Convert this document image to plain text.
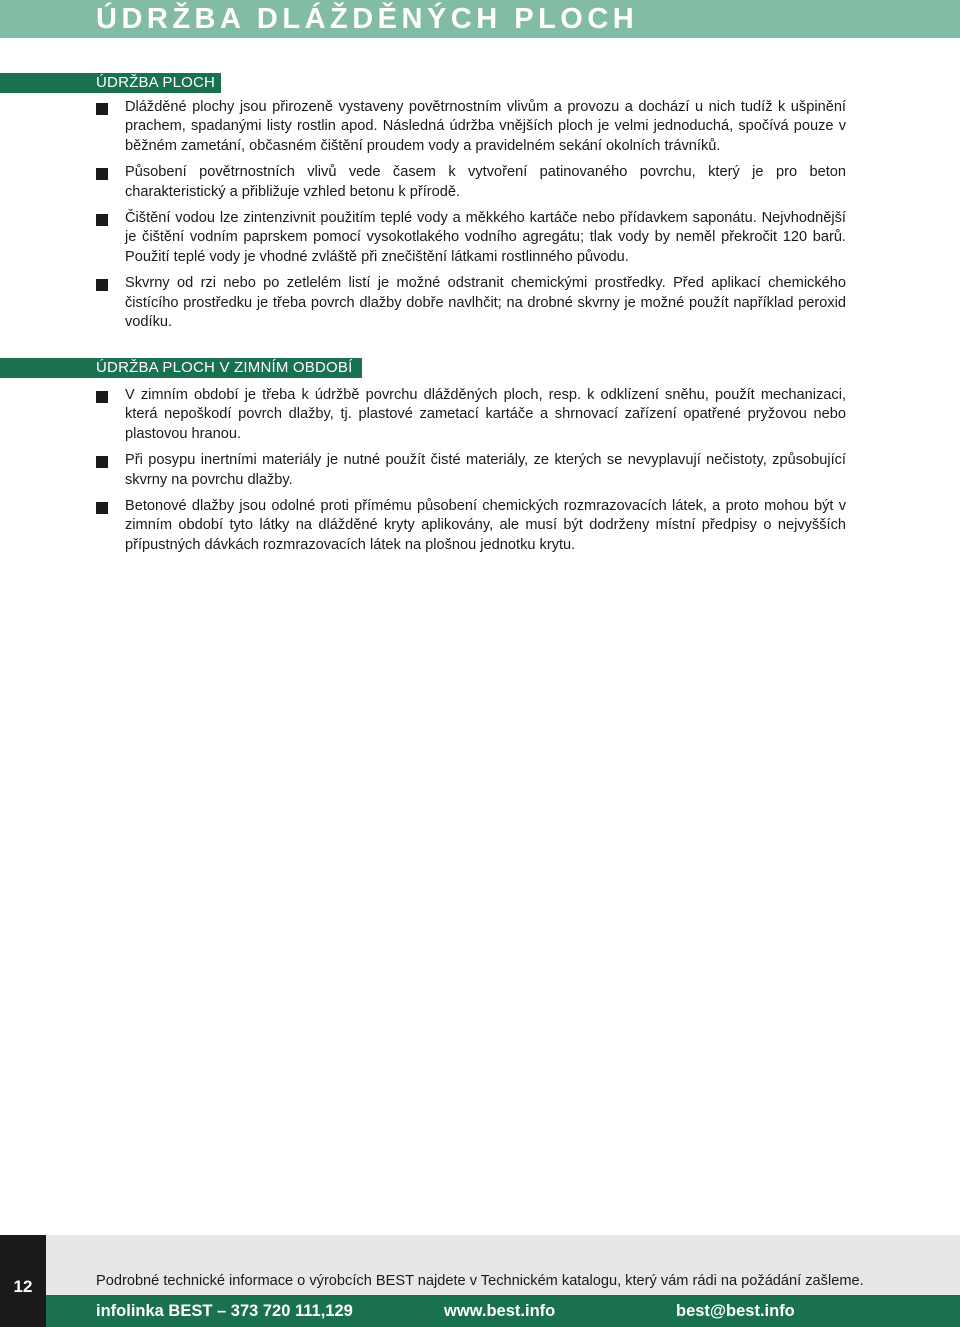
ÚDRŽBA DLÁŽDĚNÝCH PLOCH
ÚDRŽBA PLOCH
Dlážděné plochy jsou přirozeně vystaveny povětrnostním vlivům a provozu a dochází u nich tudíž k ušpinění prachem, spadanými listy rostlin apod. Následná údržba vnějších ploch je velmi jednoduchá, spočívá pouze v běžném zametání, občasném čištění proudem vody a pravidelném sekání okolních trávníků.
Působení povětrnostních vlivů vede časem k vytvoření patinovaného povrchu, který je pro beton charakteristický a přibližuje vzhled betonu k přírodě.
Čištění vodou lze zintenzivnit použitím teplé vody a měkkého kartáče nebo přídavkem saponátu. Nejvhodnější je čištění vodním paprskem pomocí vysokotlakého vodního agregátu; tlak vody by neměl překročit 120 barů. Použití teplé vody je vhodné zvláště při znečištění látkami rostlinného původu.
Skvrny od rzi nebo po zetlelém listí je možné odstranit chemickými prostředky. Před aplikací chemického čistícího prostředku je třeba povrch dlažby dobře navlhčit; na drobné skvrny je možné použít například peroxid vodíku.
ÚDRŽBA PLOCH V ZIMNÍM OBDOBÍ
V zimním období je třeba k údržbě povrchu dlážděných ploch, resp. k odklízení sněhu, použít mechanizaci, která nepoškodí povrch dlažby, tj. plastové zametací kartáče a shrnovací zařízení opatřené pryžovou nebo plastovou hranou.
Při posypu inertními materiály je nutné použít čisté materiály, ze kterých se nevyplavují nečistoty, způsobující skvrny na povrchu dlažby.
Betonové dlažby jsou odolné proti přímému působení chemických rozmrazovacích látek, a proto mohou být v zimním období tyto látky na dlážděné kryty aplikovány, ale musí být dodrženy místní předpisy o nejvyšších přípustných dávkách rozmrazovacích látek na plošnou jednotku krytu.
12	Podrobné technické informace o výrobcích BEST najdete v Technickém katalogu, který vám rádi na požádání zašleme.
infolinka BEST – 373 720 111,129	www.best.info	best@best.info
